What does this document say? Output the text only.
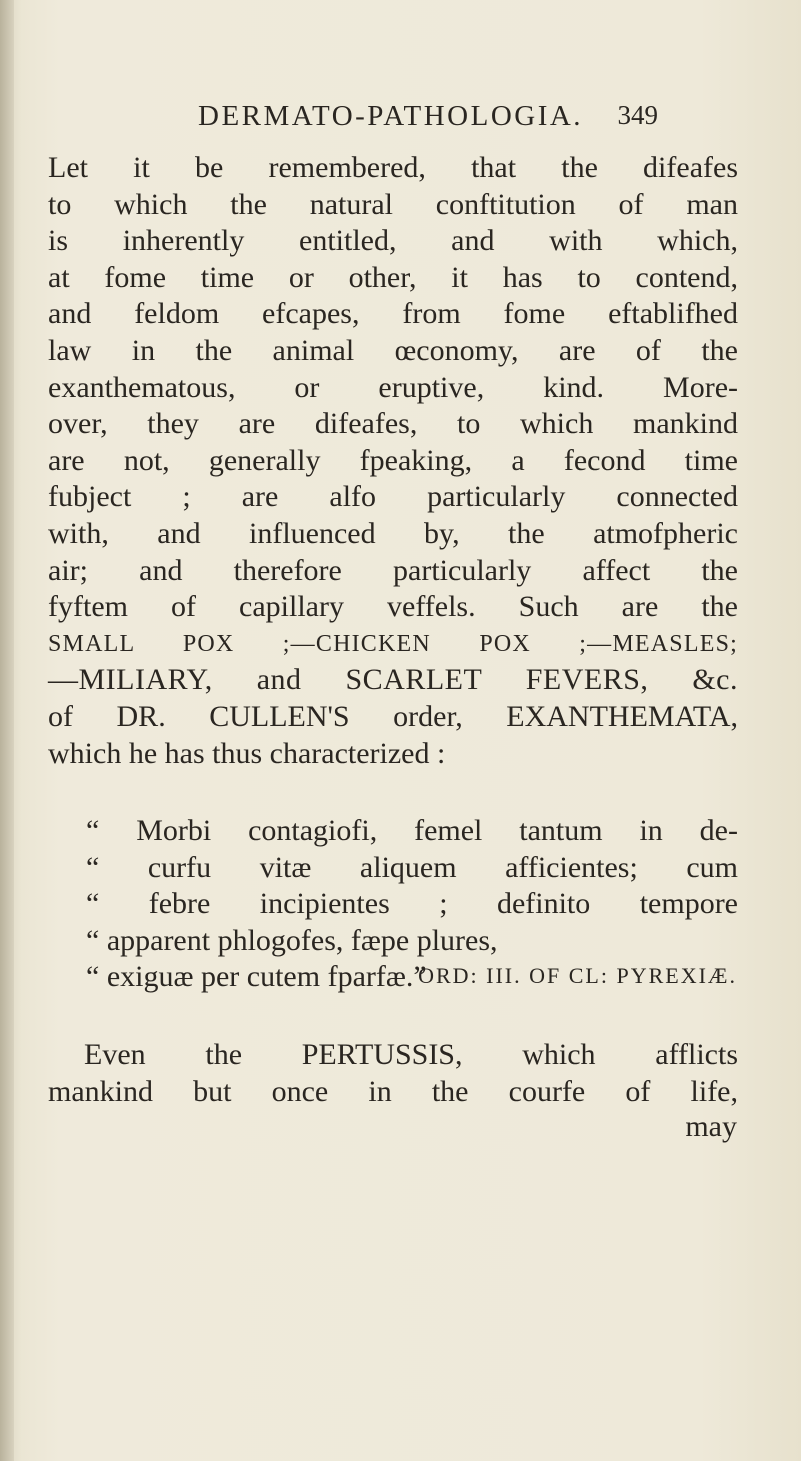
DERMATO-PATHOLOGIA. 349
Let it be remembered, that the difeafes
to which the natural conftitution of man
is inherently entitled, and with which,
at fome time or other, it has to contend,
and feldom efcapes, from fome eftablifhed
law in the animal œconomy, are of the
exanthematous, or eruptive, kind. More-
over, they are difeafes, to which mankind
are not, generally fpeaking, a fecond time
fubject ; are alfo particularly connected
with, and influenced by, the atmofpheric
air; and therefore particularly affect the
fyftem of capillary veffels. Such are the
SMALL POX ;—CHICKEN POX ;—MEASLES;
—MILIARY, and SCARLET FEVERS, &c.
of DR. CULLEN'S order, EXANTHEMATA,
which he has thus characterized :
“ Morbi contagiofi, femel tantum in de-
“ curfu vitæ aliquem afficientes; cum
“ febre incipientes ; definito tempore
“ apparent phlogofes, fæpe plures,
“ exiguæ per cutem fparfæ.”
ORD: III. OF CL: PYREXIÆ.
Even the PERTUSSIS, which afflicts
mankind but once in the courfe of life,
may
